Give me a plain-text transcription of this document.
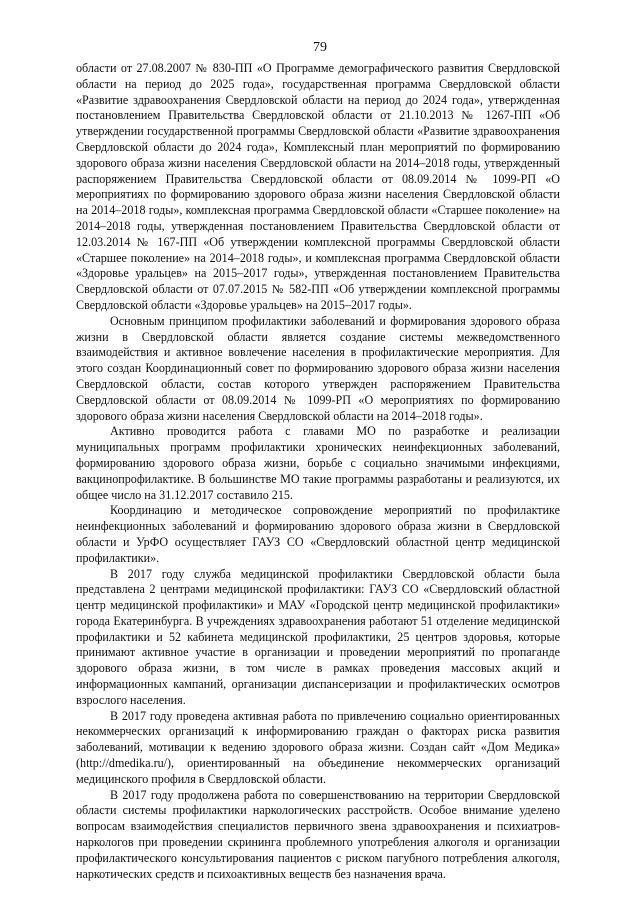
79

области от 27.08.2007 № 830-ПП «О Программе демографического развития Свердловской области на период до 2025 года», государственная программа Свердловской области «Развитие здравоохранения Свердловской области на период до 2024 года», утвержденная постановлением Правительства Свердловской области от 21.10.2013 № 1267-ПП «Об утверждении государственной программы Свердловской области «Развитие здравоохранения Свердловской области до 2024 года», Комплексный план мероприятий по формированию здорового образа жизни населения Свердловской области на 2014–2018 годы, утвержденный распоряжением Правительства Свердловской области от 08.09.2014 № 1099-РП «О мероприятиях по формированию здорового образа жизни населения Свердловской области на 2014–2018 годы», комплексная программа Свердловской области «Старшее поколение» на 2014–2018 годы, утвержденная постановлением Правительства Свердловской области от 12.03.2014 № 167-ПП «Об утверждении комплексной программы Свердловской области «Старшее поколение» на 2014–2018 годы», и комплексная программа Свердловской области «Здоровье уральцев» на 2015–2017 годы», утвержденная постановлением Правительства Свердловской области от 07.07.2015 № 582-ПП «Об утверждении комплексной программы Свердловской области «Здоровье уральцев» на 2015–2017 годы».

Основным принципом профилактики заболеваний и формирования здорового образа жизни в Свердловской области является создание системы межведомственного взаимодействия и активное вовлечение населения в профилактические мероприятия. Для этого создан Координационный совет по формированию здорового образа жизни населения Свердловской области, состав которого утвержден распоряжением Правительства Свердловской области от 08.09.2014 № 1099-РП «О мероприятиях по формированию здорового образа жизни населения Свердловской области на 2014–2018 годы».

Активно проводится работа с главами МО по разработке и реализации муниципальных программ профилактики хронических неинфекционных заболеваний, формированию здорового образа жизни, борьбе с социально значимыми инфекциями, вакцинопрофилактике. В большинстве МО такие программы разработаны и реализуются, их общее число на 31.12.2017 составило 215.

Координацию и методическое сопровождение мероприятий по профилактике неинфекционных заболеваний и формированию здорового образа жизни в Свердловской области и УрФО осуществляет ГАУЗ СО «Свердловский областной центр медицинской профилактики».

В 2017 году служба медицинской профилактики Свердловской области была представлена 2 центрами медицинской профилактики: ГАУЗ СО «Свердловский областной центр медицинской профилактики» и МАУ «Городской центр медицинской профилактики» города Екатеринбурга. В учреждениях здравоохранения работают 51 отделение медицинской профилактики и 52 кабинета медицинской профилактики, 25 центров здоровья, которые принимают активное участие в организации и проведении мероприятий по пропаганде здорового образа жизни, в том числе в рамках проведения массовых акций и информационных кампаний, организации диспансеризации и профилактических осмотров взрослого населения.

В 2017 году проведена активная работа по привлечению социально ориентированных некоммерческих организаций к информированию граждан о факторах риска развития заболеваний, мотивации к ведению здорового образа жизни. Создан сайт «Дом Медика» (http://dmedika.ru/), ориентированный на объединение некоммерческих организаций медицинского профиля в Свердловской области.

В 2017 году продолжена работа по совершенствованию на территории Свердловской области системы профилактики наркологических расстройств. Особое внимание уделено вопросам взаимодействия специалистов первичного звена здравоохранения и психиатров-наркологов при проведении скрининга проблемного употребления алкоголя и организации профилактического консультирования пациентов с риском пагубного потребления алкоголя, наркотических средств и психоактивных веществ без назначения врача.
